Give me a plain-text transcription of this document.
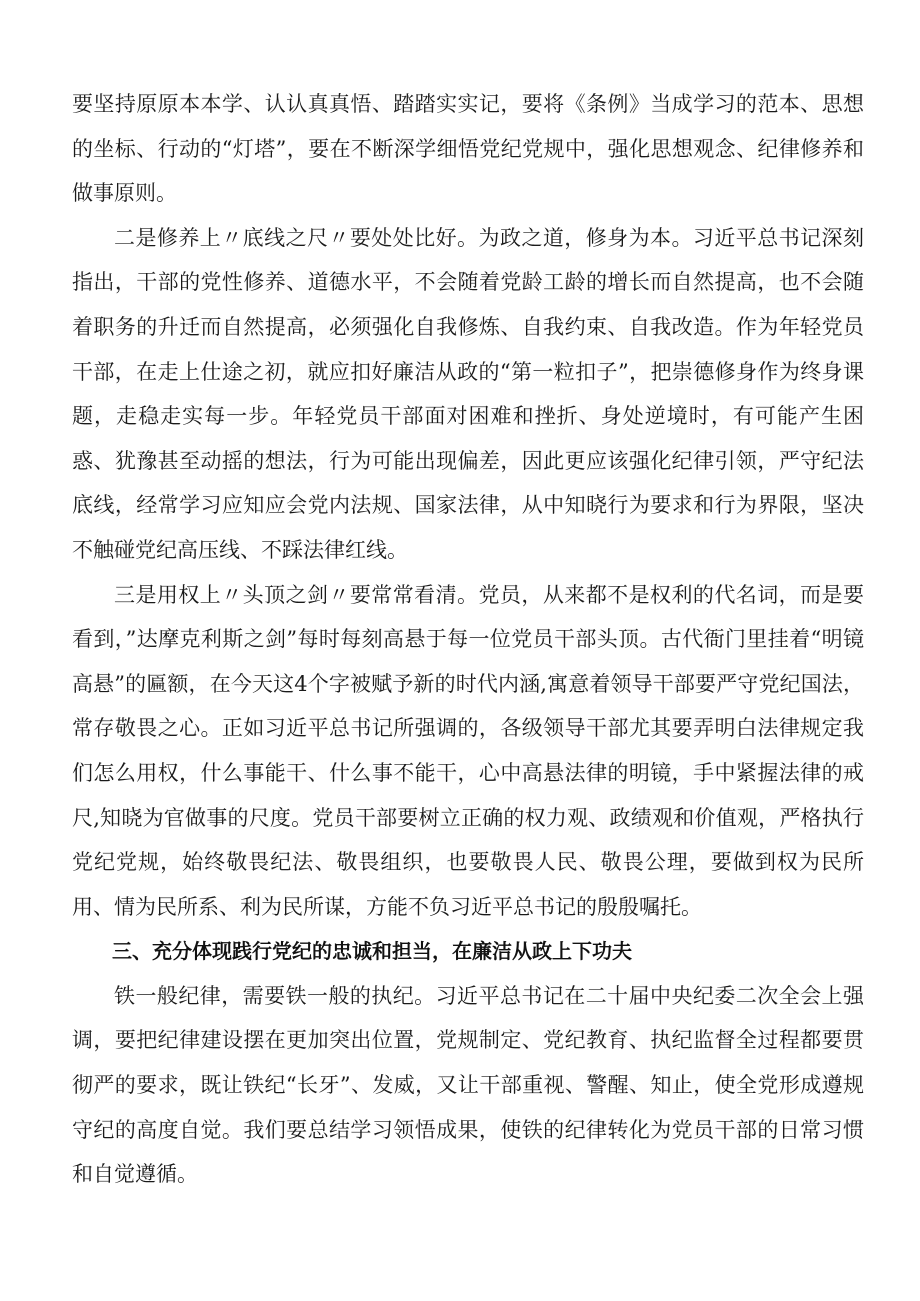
要坚持原原本本学、认认真真悟、踏踏实实记，要将《条例》当成学习的范本、思想的坐标、行动的“灯塔”，要在不断深学细悟党纪党规中，强化思想观念、纪律修养和做事原则。

二是修养上〃底线之尺〃要处处比好。为政之道，修身为本。习近平总书记深刻指出，干部的党性修养、道德水平，不会随着党龄工龄的增长而自然提高，也不会随着职务的升迁而自然提高，必须强化自我修炼、自我约束、自我改造。作为年轻党员干部，在走上仕途之初，就应扣好廉洁从政的“第一粒扣子”，把崇德修身作为终身课题，走稳走实每一步。年轻党员干部面对困难和挫折、身处逆境时，有可能产生困惑、犹豫甚至动摇的想法，行为可能出现偏差，因此更应该强化纪律引领，严守纪法底线，经常学习应知应会党内法规、国家法律，从中知晓行为要求和行为界限，坚决不触碰党纪高压线、不踩法律红线。

三是用权上〃头顶之剑〃要常常看清。党员，从来都不是权利的代名词，而是要看到，”达摩克利斯之剑”每时每刻高悬于每一位党员干部头顶。古代衙门里挂着“明镜高悬”的匾额，在今天这4个字被赋予新的时代内涵,寓意着领导干部要严守党纪国法，常存敬畏之心。正如习近平总书记所强调的，各级领导干部尤其要弄明白法律规定我们怎么用权，什么事能干、什么事不能干，心中高悬法律的明镜，手中紧握法律的戒尺,知晓为官做事的尺度。党员干部要树立正确的权力观、政绩观和价值观，严格执行党纪党规，始终敬畏纪法、敬畏组织，也要敬畏人民、敬畏公理，要做到权为民所用、情为民所系、利为民所谋，方能不负习近平总书记的殷殷嘱托。

三、充分体现践行党纪的忠诚和担当，在廉洁从政上下功夫

铁一般纪律，需要铁一般的执纪。习近平总书记在二十届中央纪委二次全会上强调，要把纪律建设摆在更加突出位置，党规制定、党纪教育、执纪监督全过程都要贯彻严的要求，既让铁纪“长牙”、发威，又让干部重视、警醒、知止，使全党形成遵规守纪的高度自觉。我们要总结学习领悟成果，使铁的纪律转化为党员干部的日常习惯和自觉遵循。
